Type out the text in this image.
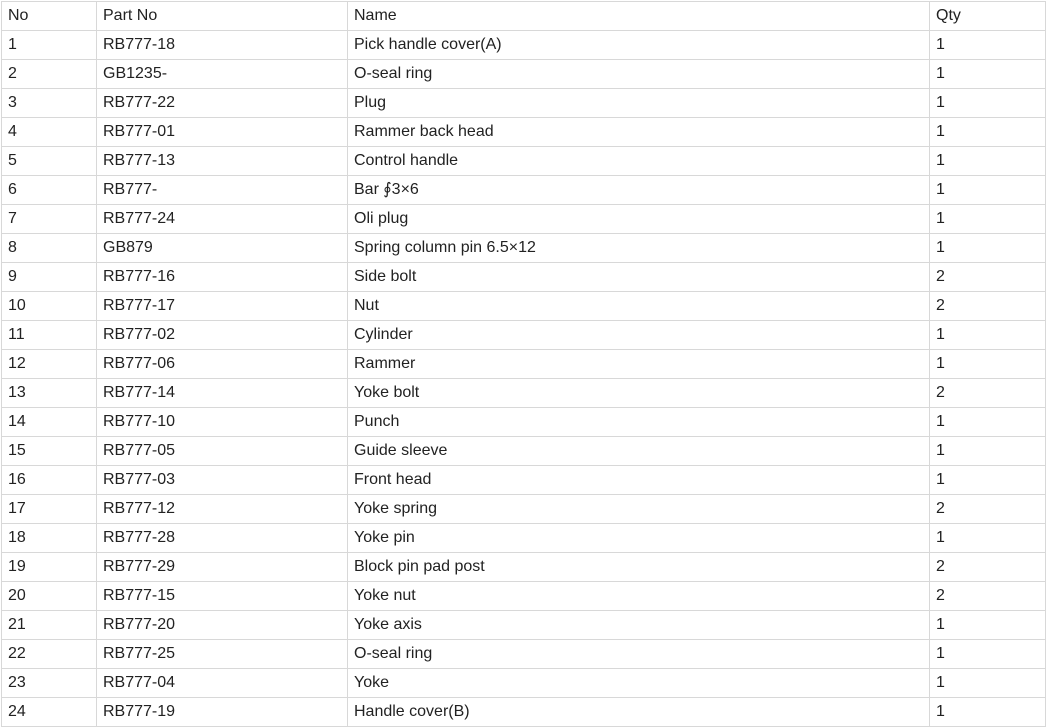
No	Part No	Name	Qty
1	RB777-18	Pick handle cover(A)	1
2	GB1235-	O-seal ring	1
3	RB777-22	Plug	1
4	RB777-01	Rammer back head	1
5	RB777-13	Control handle	1
6	RB777-	Bar ∮3×6	1
7	RB777-24	Oli plug	1
8	GB879	Spring column pin 6.5×12	1
9	RB777-16	Side bolt	2
10	RB777-17	Nut	2
11	RB777-02	Cylinder	1
12	RB777-06	Rammer	1
13	RB777-14	Yoke bolt	2
14	RB777-10	Punch	1
15	RB777-05	Guide sleeve	1
16	RB777-03	Front head	1
17	RB777-12	Yoke spring	2
18	RB777-28	Yoke pin	1
19	RB777-29	Block pin pad post	2
20	RB777-15	Yoke nut	2
21	RB777-20	Yoke axis	1
22	RB777-25	O-seal ring	1
23	RB777-04	Yoke	1
24	RB777-19	Handle cover(B)	1
